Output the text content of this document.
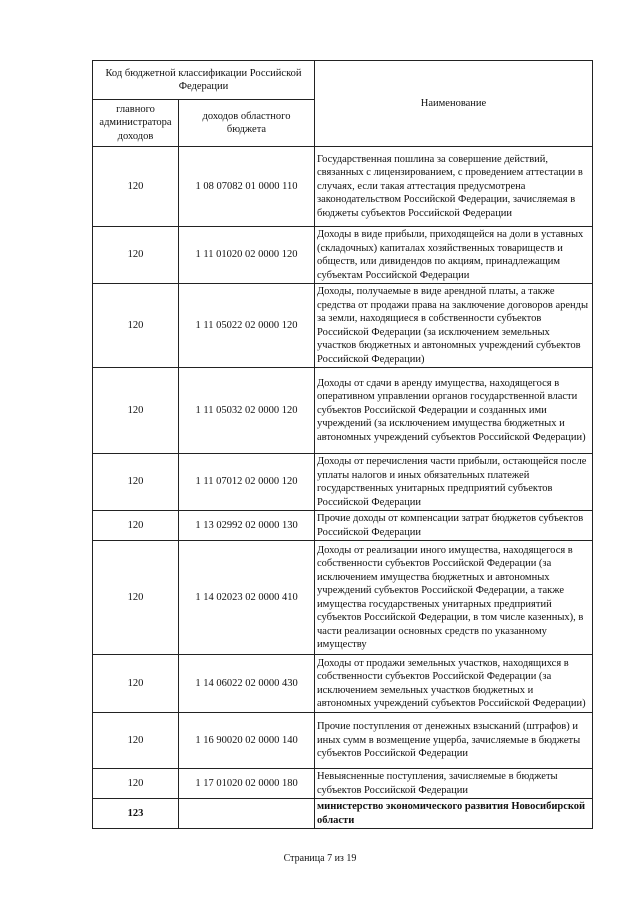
Код бюджетной классификации Российской Федерации		Наименование
главного администратора доходов	доходов областного бюджета	
120	1 08 07082 01 0000 110	Государственная пошлина за совершение действий, связанных с лицензированием, с проведением аттестации в случаях, если такая аттестация предусмотрена законодательством Российской Федерации, зачисляемая в бюджеты субъектов Российской Федерации
120	1 11 01020 02 0000 120	Доходы в виде прибыли, приходящейся на доли в уставных (складочных) капиталах хозяйственных товариществ и обществ, или дивидендов по акциям, принадлежащим субъектам Российской Федерации
120	1 11 05022 02 0000 120	Доходы, получаемые в виде арендной платы, а также средства от продажи права на заключение договоров аренды за земли, находящиеся в собственности субъектов Российской Федерации (за исключением земельных участков бюджетных и автономных учреждений субъектов Российской Федерации)
120	1 11 05032 02 0000 120	Доходы от сдачи в аренду имущества, находящегося в оперативном управлении органов государственной власти субъектов Российской Федерации и созданных ими учреждений (за исключением имущества бюджетных и автономных учреждений субъектов Российской Федерации)
120	1 11 07012 02 0000 120	Доходы от перечисления части прибыли, остающейся после уплаты налогов и иных обязательных платежей государственных унитарных предприятий субъектов Российской Федерации
120	1 13 02992 02 0000 130	Прочие доходы от компенсации затрат бюджетов субъектов Российской Федерации
120	1 14 02023 02 0000 410	Доходы от реализации иного имущества, находящегося в собственности субъектов Российской Федерации (за исключением имущества бюджетных и автономных учреждений субъектов Российской Федерации, а также имущества государственых унитарных предприятий субъектов Российской Федерации, в том числе казенных), в части реализации основных средств по указанному имуществу
120	1 14 06022 02 0000 430	Доходы от продажи земельных участков, находящихся в собственности субъектов Российской Федерации (за исключением земельных участков бюджетных и автономных учреждений субъектов Российской Федерации)
120	1 16 90020 02 0000 140	Прочие поступления от денежных взысканий (штрафов) и иных сумм в возмещение ущерба, зачисляемые в бюджеты субъектов Российской Федерации
120	1 17 01020 02 0000 180	Невыясненные поступления, зачисляемые в бюджеты субъектов Российской Федерации
123		министерство экономического развития Новосибирской области
Страница 7 из 19
